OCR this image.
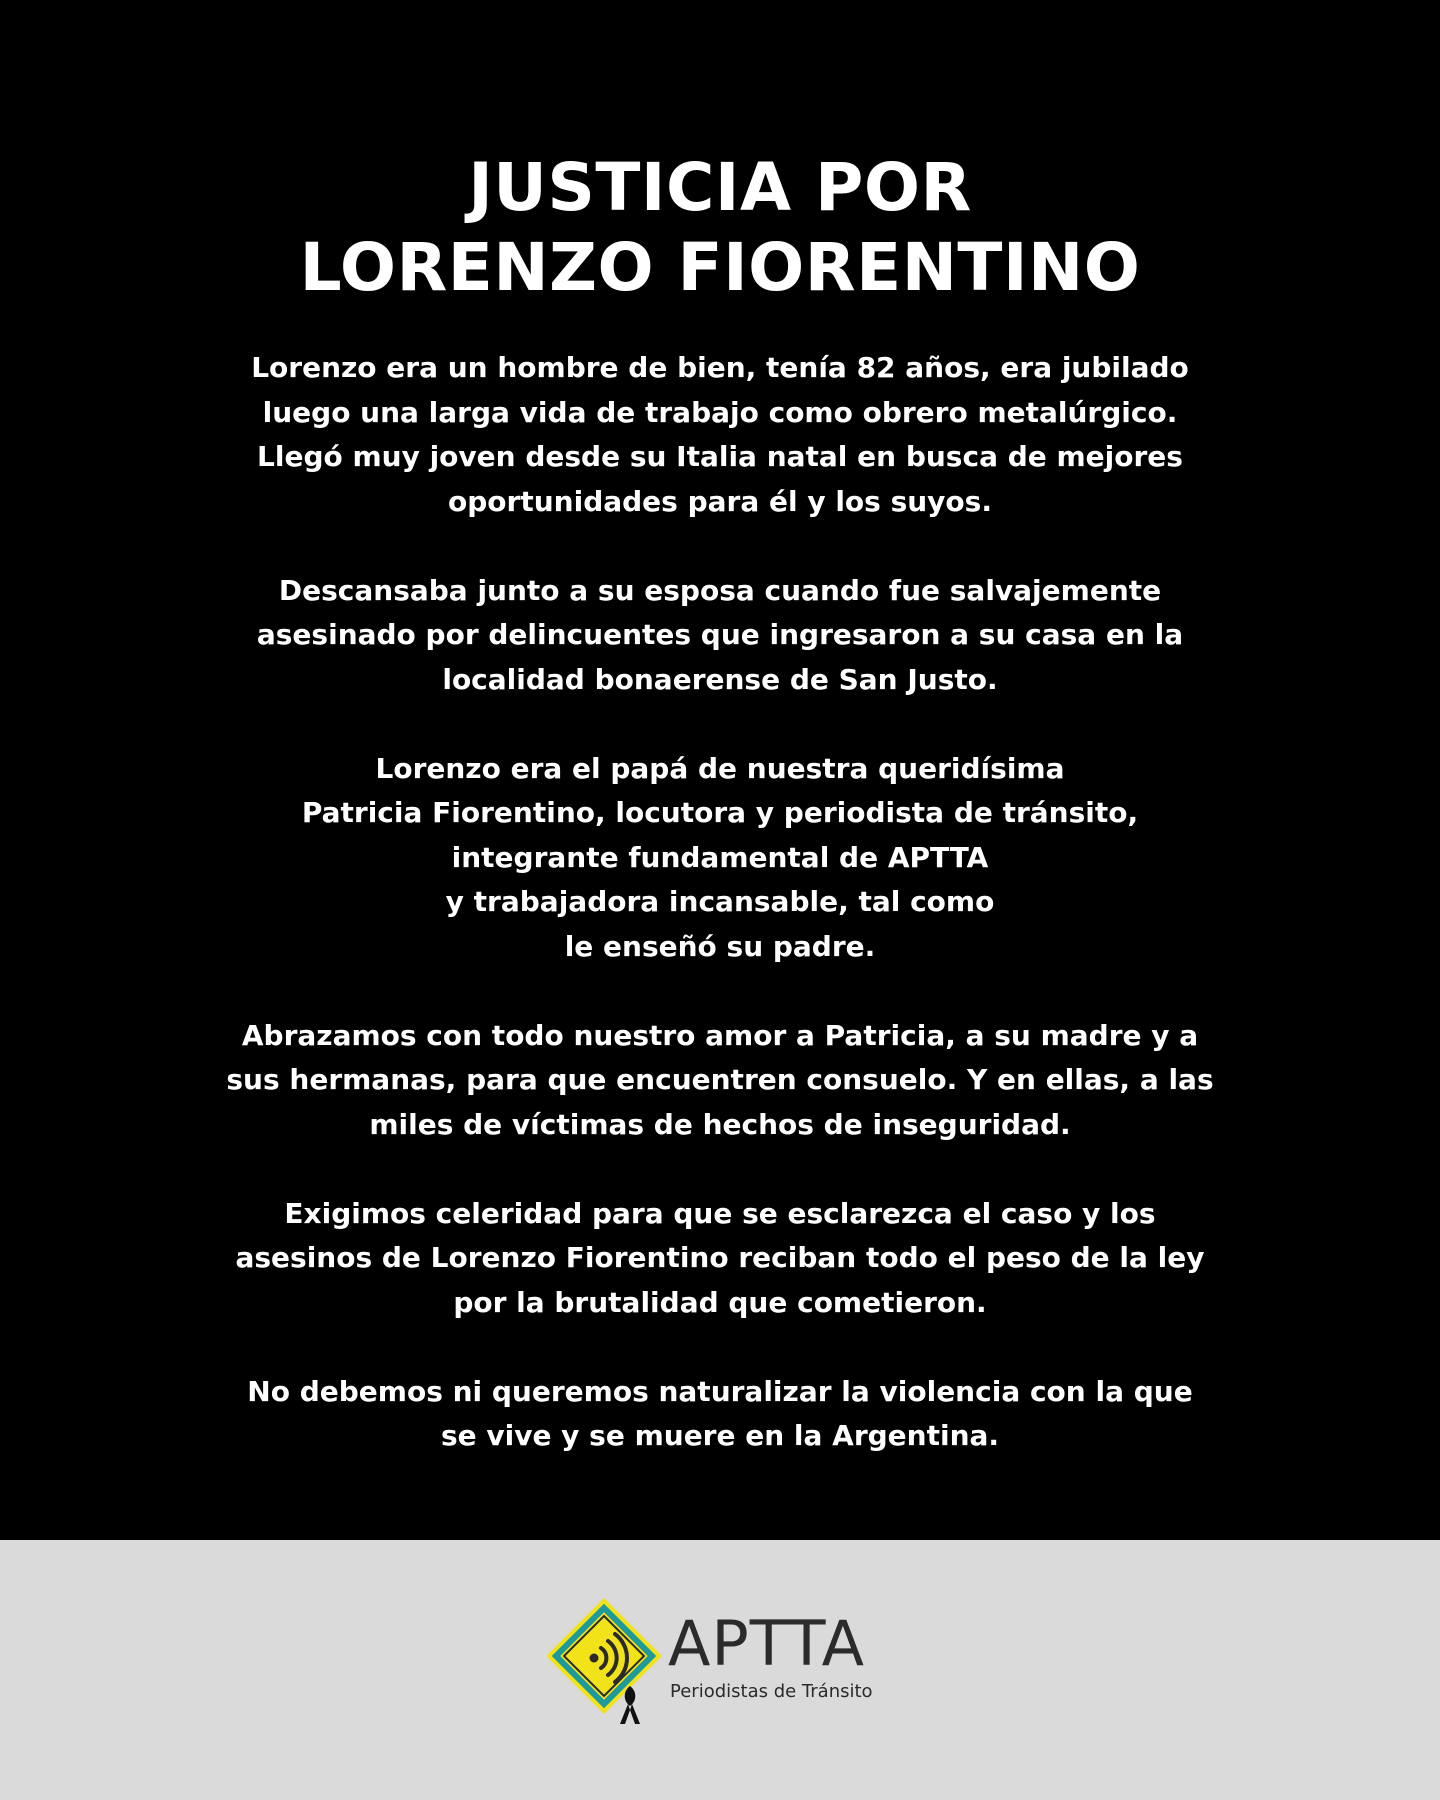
JUSTICIA POR
LORENZO FIORENTINO

Lorenzo era un hombre de bien, tenía 82 años, era jubilado
luego una larga vida de trabajo como obrero metalúrgico.
Llegó muy joven desde su Italia natal en busca de mejores
oportunidades para él y los suyos.

Descansaba junto a su esposa cuando fue salvajemente
asesinado por delincuentes que ingresaron a su casa en la
localidad bonaerense de San Justo.

Lorenzo era el papá de nuestra queridísima
Patricia Fiorentino, locutora y periodista de tránsito,
integrante fundamental de APTTA
y trabajadora incansable, tal como
le enseñó su padre.

Abrazamos con todo nuestro amor a Patricia, a su madre y a
sus hermanas, para que encuentren consuelo. Y en ellas, a las
miles de víctimas de hechos de inseguridad.

Exigimos celeridad para que se esclarezca el caso y los
asesinos de Lorenzo Fiorentino reciban todo el peso de la ley
por la brutalidad que cometieron.

No debemos ni queremos naturalizar la violencia con la que
se vive y se muere en la Argentina.

APTTA
Periodistas de Tránsito
